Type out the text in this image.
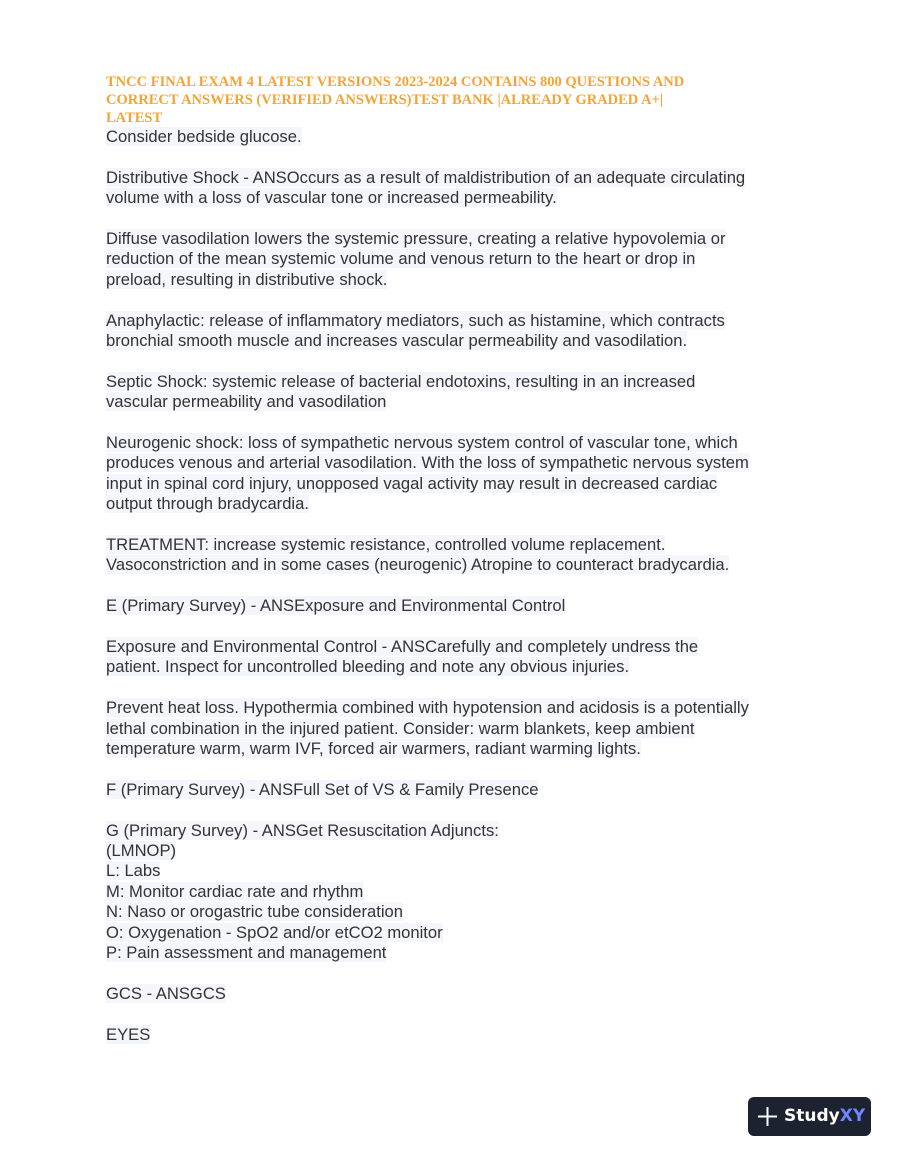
TNCC FINAL EXAM 4 LATEST VERSIONS 2023-2024 CONTAINS 800 QUESTIONS AND
CORRECT ANSWERS (VERIFIED ANSWERS)TEST BANK |ALREADY GRADED A+|
LATEST
Consider bedside glucose.
Distributive Shock - ANSOccurs as a result of maldistribution of an adequate circulating
volume with a loss of vascular tone or increased permeability.
Diffuse vasodilation lowers the systemic pressure, creating a relative hypovolemia or
reduction of the mean systemic volume and venous return to the heart or drop in
preload, resulting in distributive shock.
Anaphylactic: release of inflammatory mediators, such as histamine, which contracts
bronchial smooth muscle and increases vascular permeability and vasodilation.
Septic Shock: systemic release of bacterial endotoxins, resulting in an increased
vascular permeability and vasodilation
Neurogenic shock: loss of sympathetic nervous system control of vascular tone, which
produces venous and arterial vasodilation. With the loss of sympathetic nervous system
input in spinal cord injury, unopposed vagal activity may result in decreased cardiac
output through bradycardia.
TREATMENT: increase systemic resistance, controlled volume replacement.
Vasoconstriction and in some cases (neurogenic) Atropine to counteract bradycardia.
E (Primary Survey) - ANSExposure and Environmental Control
Exposure and Environmental Control - ANSCarefully and completely undress the
patient. Inspect for uncontrolled bleeding and note any obvious injuries.
Prevent heat loss. Hypothermia combined with hypotension and acidosis is a potentially
lethal combination in the injured patient. Consider: warm blankets, keep ambient
temperature warm, warm IVF, forced air warmers, radiant warming lights.
F (Primary Survey) - ANSFull Set of VS & Family Presence
G (Primary Survey) - ANSGet Resuscitation Adjuncts:
(LMNOP)
L: Labs
M: Monitor cardiac rate and rhythm
N: Naso or orogastric tube consideration
O: Oxygenation - SpO2 and/or etCO2 monitor
P: Pain assessment and management
GCS - ANSGCS
EYES
StudyXY
